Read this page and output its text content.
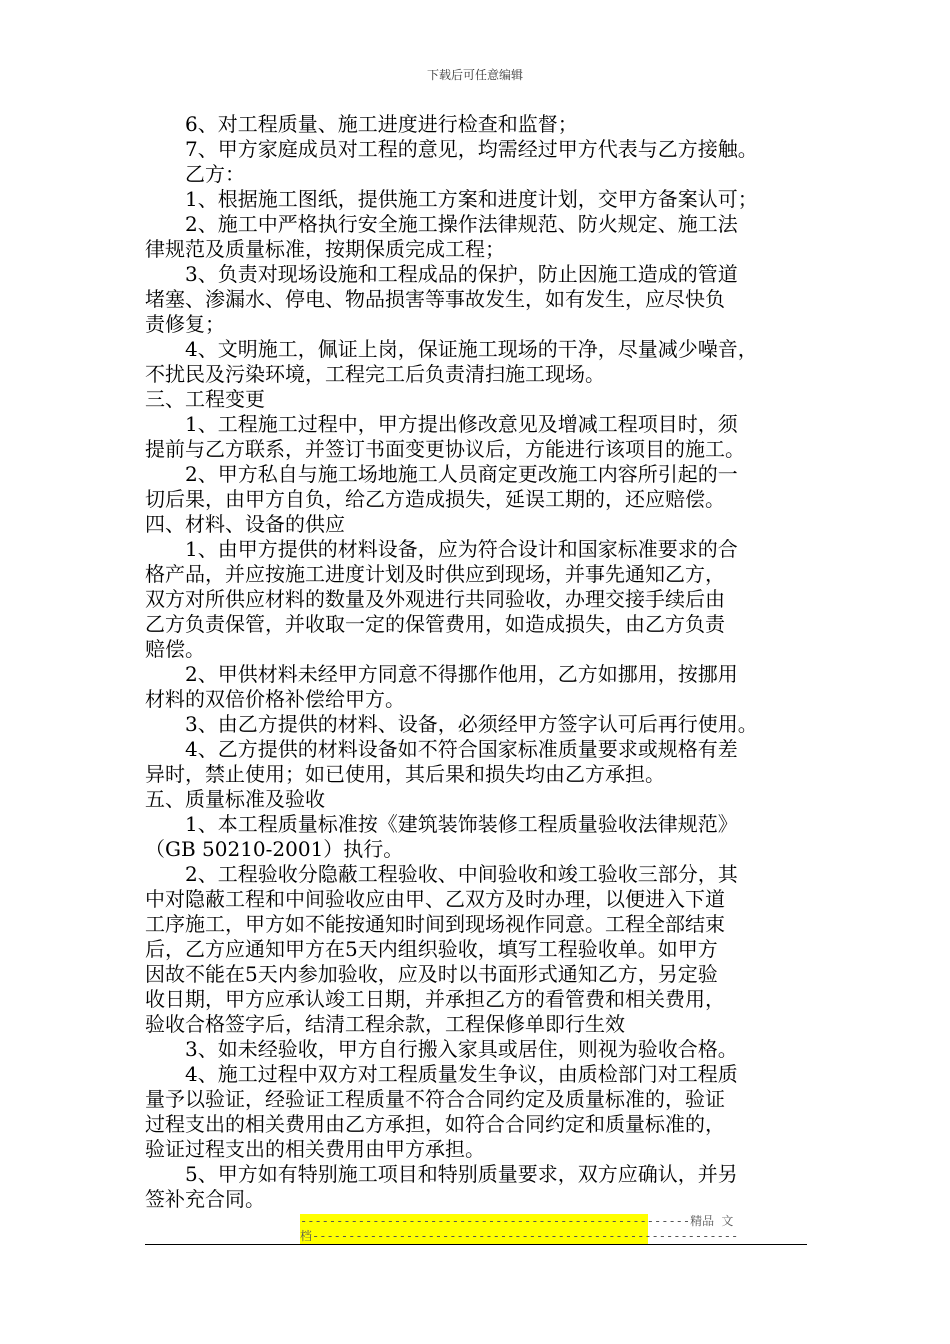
下载后可任意编辑
　　6、对工程质量、施工进度进行检查和监督；
　　7、甲方家庭成员对工程的意见，均需经过甲方代表与乙方接触。
　　乙方：
　　1、根据施工图纸，提供施工方案和进度计划，交甲方备案认可；
　　2、施工中严格执行安全施工操作法律规范、防火规定、施工法
律规范及质量标准，按期保质完成工程；
　　3、负责对现场设施和工程成品的保护，防止因施工造成的管道
堵塞、渗漏水、停电、物品损害等事故发生，如有发生，应尽快负
责修复；
　　4、文明施工，佩证上岗，保证施工现场的干净，尽量减少噪音，
不扰民及污染环境，工程完工后负责清扫施工现场。
三、工程变更
　　1、工程施工过程中，甲方提出修改意见及增减工程项目时，须
提前与乙方联系，并签订书面变更协议后，方能进行该项目的施工。
　　2、甲方私自与施工场地施工人员商定更改施工内容所引起的一
切后果，由甲方自负，给乙方造成损失，延误工期的，还应赔偿。
四、材料、设备的供应
　　1、由甲方提供的材料设备，应为符合设计和国家标准要求的合
格产品，并应按施工进度计划及时供应到现场，并事先通知乙方，
双方对所供应材料的数量及外观进行共同验收，办理交接手续后由
乙方负责保管，并收取一定的保管费用，如造成损失，由乙方负责
赔偿。
　　2、甲供材料未经甲方同意不得挪作他用，乙方如挪用，按挪用
材料的双倍价格补偿给甲方。
　　3、由乙方提供的材料、设备，必须经甲方签字认可后再行使用。
　　4、乙方提供的材料设备如不符合国家标准质量要求或规格有差
异时，禁止使用；如已使用，其后果和损失均由乙方承担。
五、质量标准及验收
　　1、本工程质量标准按《建筑装饰装修工程质量验收法律规范》
（GB 50210-2001）执行。
　　2、工程验收分隐蔽工程验收、中间验收和竣工验收三部分，其
中对隐蔽工程和中间验收应由甲、乙双方及时办理，以便进入下道
工序施工，甲方如不能按通知时间到现场视作同意。工程全部结束
后，乙方应通知甲方在5天内组织验收，填写工程验收单。如甲方
因故不能在5天内参加验收，应及时以书面形式通知乙方，另定验
收日期，甲方应承认竣工日期，并承担乙方的看管费和相关费用，
验收合格签字后，结清工程余款，工程保修单即行生效
　　3、如未经验收，甲方自行搬入家具或居住，则视为验收合格。
　　4、施工过程中双方对工程质量发生争议，由质检部门对工程质
量予以验证，经验证工程质量不符合合同约定及质量标准的，验证
过程支出的相关费用由乙方承担，如符合合同约定和质量标准的，
验证过程支出的相关费用由甲方承担。
　　5、甲方如有特别施工项目和特别质量要求，双方应确认，并另
签补充合同。
------------------------------------------------------精品 文
档-----------------------------------------------------------
